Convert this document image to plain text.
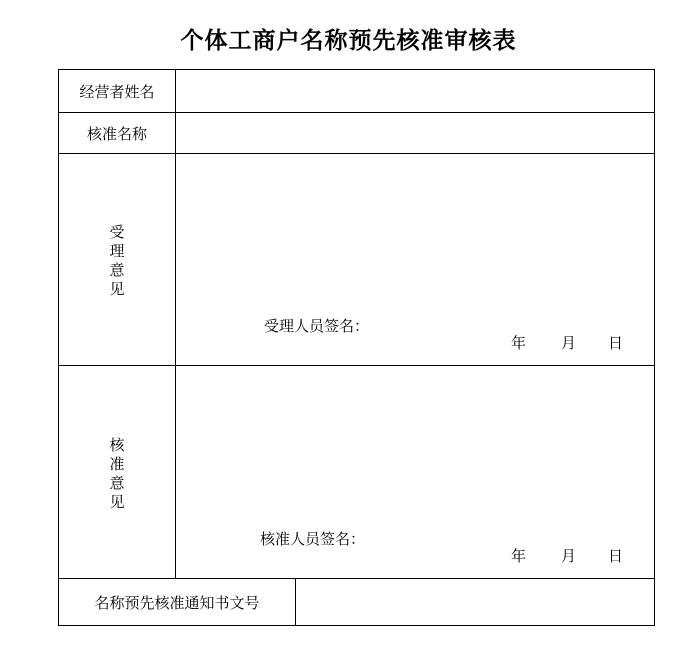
个体工商户名称预先核准审核表
经营者姓名
核准名称
受理意见
受理人员签名：
年 月 日
核准意见
核准人员签名：
年 月 日
名称预先核准通知书文号
